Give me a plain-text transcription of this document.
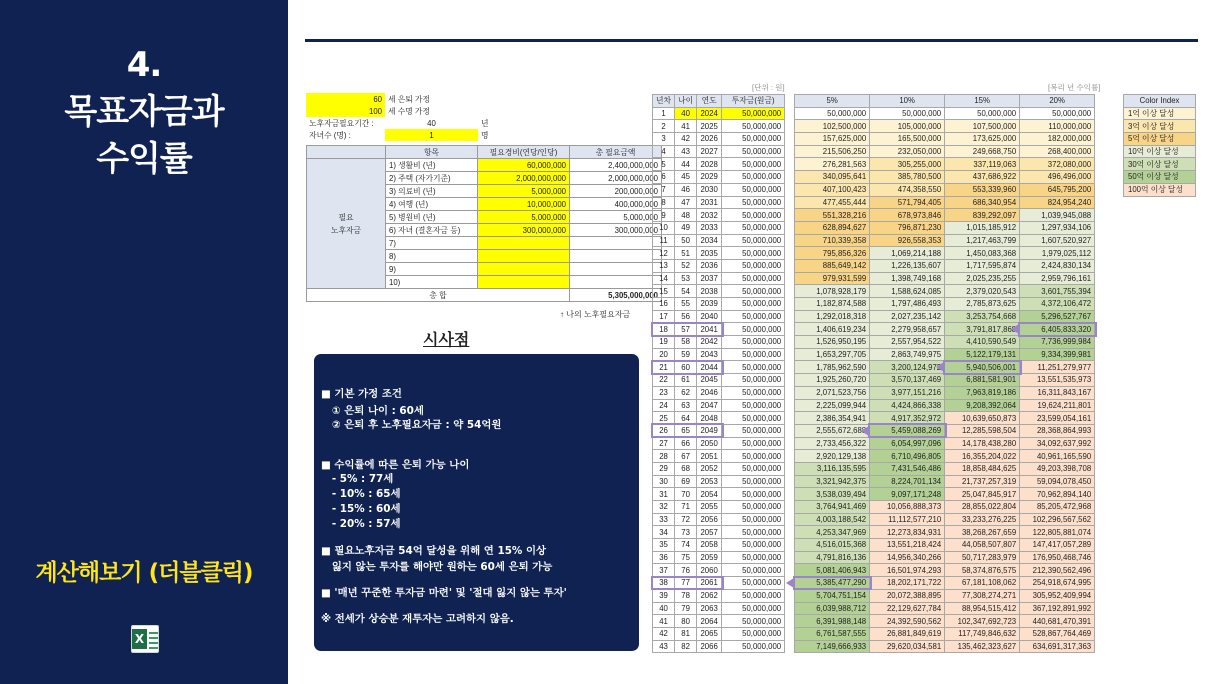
4.
목표자금과
수익률
계산해보기 (더블클릭)
X
60	세 은퇴 가정		
100	세 수명 가정		
노후자금필요기간 :	40	년	
자녀수 (명) :	1	명	
	항목	필요경비(연당/인당)	총 필요금액
필요
노후자금	1) 생활비 (년)	60,000,000	2,400,000,000
	2) 주택 (자가기준)	2,000,000,000	2,000,000,000
	3) 의료비 (년)	5,000,000	200,000,000
	4) 여행 (년)	10,000,000	400,000,000
	5) 병원비 (년)	5,000,000	5,000,000
	6) 자녀 (결혼자금 등)	300,000,000	300,000,000
	7)		
	8)		
	9)		
	10)		
총 합			5,305,000,000
↑ 나의 노후필요자금
시사점
■ 기본 가정 조건
① 은퇴 나이 : 60세
② 은퇴 후 노후필요자금 : 약 54억원
■ 수익률에 따른 은퇴 가능 나이
- 5% : 77세
- 10% : 65세
- 15% : 60세
- 20% : 57세
■ 필요노후자금 54억 달성을 위해 연 15% 이상
잃지 않는 투자를 해야만 원하는 60세 은퇴 가능
■ '매년 꾸준한 투자금 마련' 및 '절대 잃지 않는 투자'
※ 전세가 상승분 재투자는 고려하지 않음.
[단위 : 원]	[복리 년 수익률]
년차	나이	연도	투자금(원금)		5%	10%	15%	20%
1	40	2024	50,000,000		50,000,000	50,000,000	50,000,000	50,000,000
2	41	2025	50,000,000		102,500,000	105,000,000	107,500,000	110,000,000
3	42	2026	50,000,000		157,625,000	165,500,000	173,625,000	182,000,000
4	43	2027	50,000,000		215,506,250	232,050,000	249,668,750	268,400,000
5	44	2028	50,000,000		276,281,563	305,255,000	337,119,063	372,080,000
6	45	2029	50,000,000		340,095,641	385,780,500	437,686,922	496,496,000
7	46	2030	50,000,000		407,100,423	474,358,550	553,339,960	645,795,200
8	47	2031	50,000,000		477,455,444	571,794,405	686,340,954	824,954,240
9	48	2032	50,000,000		551,328,216	678,973,846	839,292,097	1,039,945,088
10	49	2033	50,000,000		628,894,627	796,871,230	1,015,185,912	1,297,934,106
11	50	2034	50,000,000		710,339,358	926,558,353	1,217,463,799	1,607,520,927
12	51	2035	50,000,000		795,856,326	1,069,214,188	1,450,083,368	1,979,025,112
13	52	2036	50,000,000		885,649,142	1,226,135,607	1,717,595,874	2,424,830,134
14	53	2037	50,000,000		979,931,599	1,398,749,168	2,025,235,255	2,959,796,161
15	54	2038	50,000,000		1,078,928,179	1,588,624,085	2,379,020,543	3,601,755,394
16	55	2039	50,000,000		1,182,874,588	1,797,486,493	2,785,873,625	4,372,106,472
17	56	2040	50,000,000		1,292,018,318	2,027,235,142	3,253,754,668	5,296,527,767
18	57	2041	50,000,000		1,406,619,234	2,279,958,657	3,791,817,868	6,405,833,320
19	58	2042	50,000,000		1,526,950,195	2,557,954,522	4,410,590,549	7,736,999,984
20	59	2043	50,000,000		1,653,297,705	2,863,749,975	5,122,179,131	9,334,399,981
21	60	2044	50,000,000		1,785,962,590	3,200,124,972	5,940,506,001	11,251,279,977
22	61	2045	50,000,000		1,925,260,720	3,570,137,469	6,881,581,901	13,551,535,973
23	62	2046	50,000,000		2,071,523,756	3,977,151,216	7,963,819,186	16,311,843,167
24	63	2047	50,000,000		2,225,099,944	4,424,866,338	9,208,392,064	19,624,211,801
25	64	2048	50,000,000		2,386,354,941	4,917,352,972	10,639,650,873	23,599,054,161
26	65	2049	50,000,000		2,555,672,688	5,459,088,269	12,285,598,504	28,368,864,993
27	66	2050	50,000,000		2,733,456,322	6,054,997,096	14,178,438,280	34,092,637,992
28	67	2051	50,000,000		2,920,129,138	6,710,496,805	16,355,204,022	40,961,165,590
29	68	2052	50,000,000		3,116,135,595	7,431,546,486	18,858,484,625	49,203,398,708
30	69	2053	50,000,000		3,321,942,375	8,224,701,134	21,737,257,319	59,094,078,450
31	70	2054	50,000,000		3,538,039,494	9,097,171,248	25,047,845,917	70,962,894,140
32	71	2055	50,000,000		3,764,941,469	10,056,888,373	28,855,022,804	85,205,472,968
33	72	2056	50,000,000		4,003,188,542	11,112,577,210	33,233,276,225	102,296,567,562
34	73	2057	50,000,000		4,253,347,969	12,273,834,931	38,268,267,659	122,805,881,074
35	74	2058	50,000,000		4,516,015,368	13,551,218,424	44,058,507,807	147,417,057,289
36	75	2059	50,000,000		4,791,816,136	14,956,340,266	50,717,283,979	176,950,468,746
37	76	2060	50,000,000		5,081,406,943	16,501,974,293	58,374,876,575	212,390,562,496
38	77	2061	50,000,000		5,385,477,290	18,202,171,722	67,181,108,062	254,918,674,995
39	78	2062	50,000,000		5,704,751,154	20,072,388,895	77,308,274,271	305,952,409,994
40	79	2063	50,000,000		6,039,988,712	22,129,627,784	88,954,515,412	367,192,891,992
41	80	2064	50,000,000		6,391,988,148	24,392,590,562	102,347,692,723	440,681,470,391
42	81	2065	50,000,000		6,761,587,555	26,881,849,619	117,749,846,632	528,867,764,469
43	82	2066	50,000,000		7,149,666,933	29,620,034,581	135,462,323,627	634,691,317,363
Color Index
1억 이상 달성
3억 이상 달성
5억 이상 달성
10억 이상 달성
30억 이상 달성
50억 이상 달성
100억 이상 달성
